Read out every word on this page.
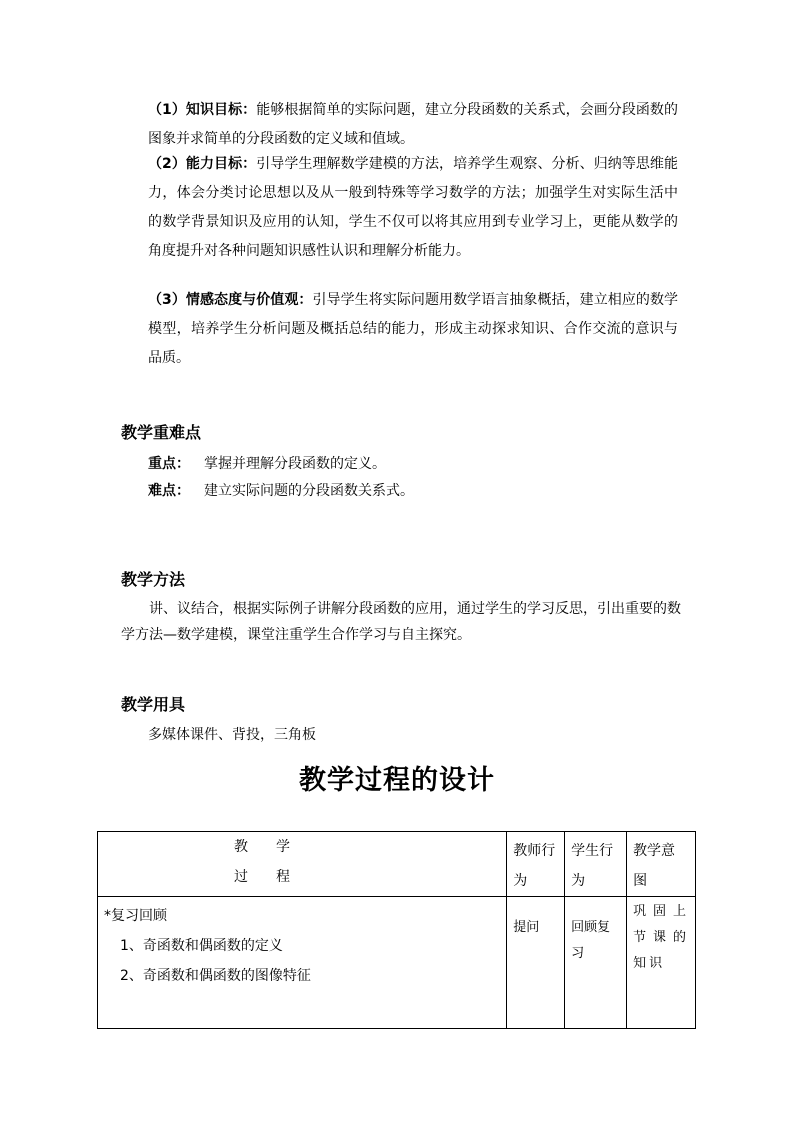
（1）知识目标：能够根据简单的实际问题，建立分段函数的关系式，会画分段函数的图象并求简单的分段函数的定义域和值域。

（2）能力目标：引导学生理解数学建模的方法，培养学生观察、分析、归纳等思维能力，体会分类讨论思想以及从一般到特殊等学习数学的方法；加强学生对实际生活中的数学背景知识及应用的认知，学生不仅可以将其应用到专业学习上，更能从数学的角度提升对各种问题知识感性认识和理解分析能力。

（3）情感态度与价值观：引导学生将实际问题用数学语言抽象概括，建立相应的数学模型，培养学生分析问题及概括总结的能力，形成主动探求知识、合作交流的意识与品质。

教学重难点

重点： 掌握并理解分段函数的定义。

难点： 建立实际问题的分段函数关系式。

教学方法

讲、议结合，根据实际例子讲解分段函数的应用，通过学生的学习反思，引出重要的数学方法—数学建模，课堂注重学生合作学习与自主探究。

教学用具

多媒体课件、背投，三角板

教学过程的设计
教　　学
过　　程	教师行为	学生行为	教学意图

*复习回顾
1、奇函数和偶函数的定义
2、奇函数和偶函数的图像特征	提问	回顾复习	巩固上节课的知识
